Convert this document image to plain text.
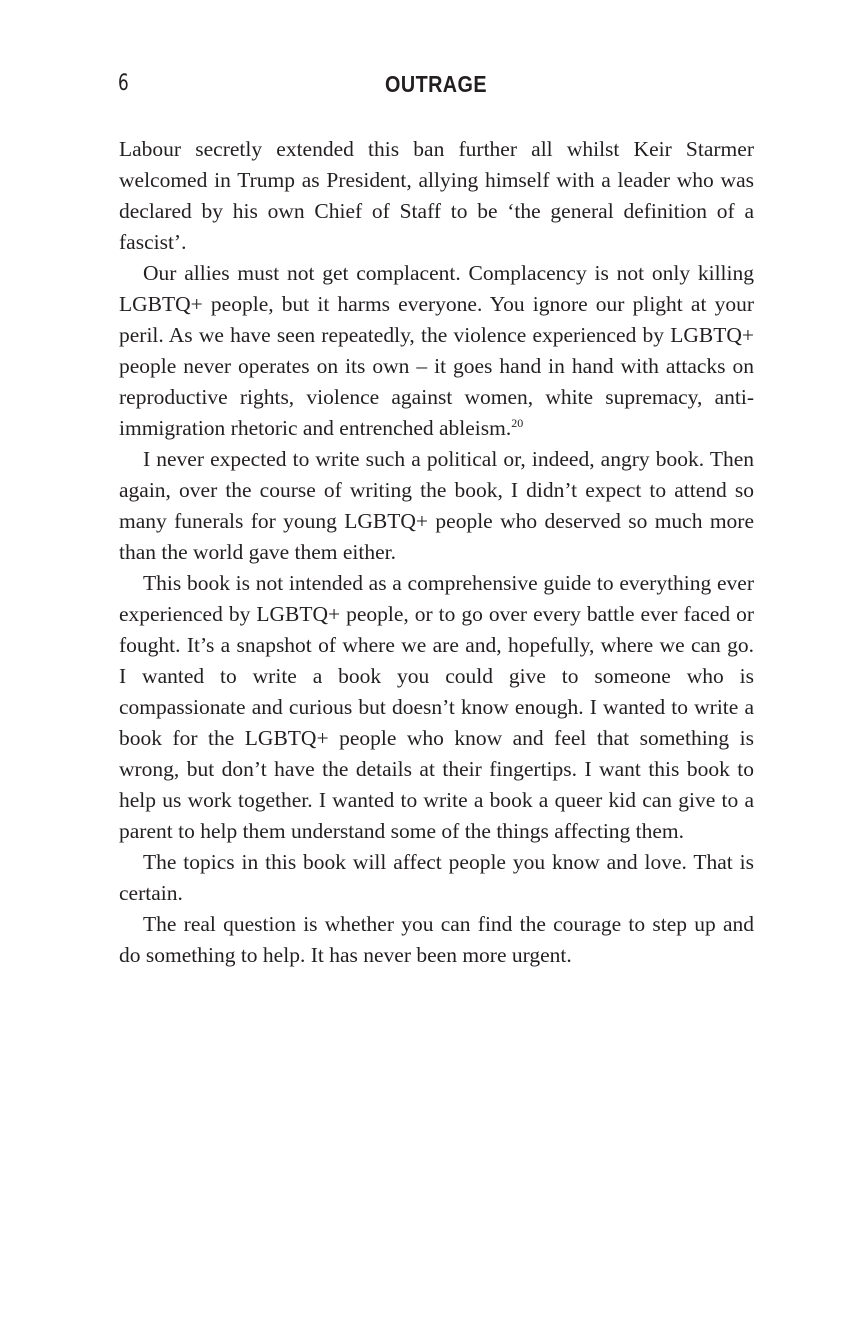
6	OUTRAGE

Labour secretly extended this ban further all whilst Keir Starmer welcomed in Trump as President, allying himself with a leader who was declared by his own Chief of Staff to be ‘the general definition of a fascist’.

Our allies must not get complacent. Complacency is not only killing LGBTQ+ people, but it harms everyone. You ignore our plight at your peril. As we have seen repeatedly, the violence experienced by LGBTQ+ people never operates on its own – it goes hand in hand with attacks on reproductive rights, violence against women, white supremacy, anti-immigration rhetoric and entrenched ableism.$^{20}$

I never expected to write such a political or, indeed, angry book. Then again, over the course of writing the book, I didn’t expect to attend so many funerals for young LGBTQ+ people who deserved so much more than the world gave them either.

This book is not intended as a comprehensive guide to everything ever experienced by LGBTQ+ people, or to go over every battle ever faced or fought. It’s a snapshot of where we are and, hopefully, where we can go. I wanted to write a book you could give to someone who is compassionate and curious but doesn’t know enough. I wanted to write a book for the LGBTQ+ people who know and feel that something is wrong, but don’t have the details at their fingertips. I want this book to help us work together. I wanted to write a book a queer kid can give to a parent to help them understand some of the things affecting them.

The topics in this book will affect people you know and love. That is certain.

The real question is whether you can find the courage to step up and do something to help. It has never been more urgent.
